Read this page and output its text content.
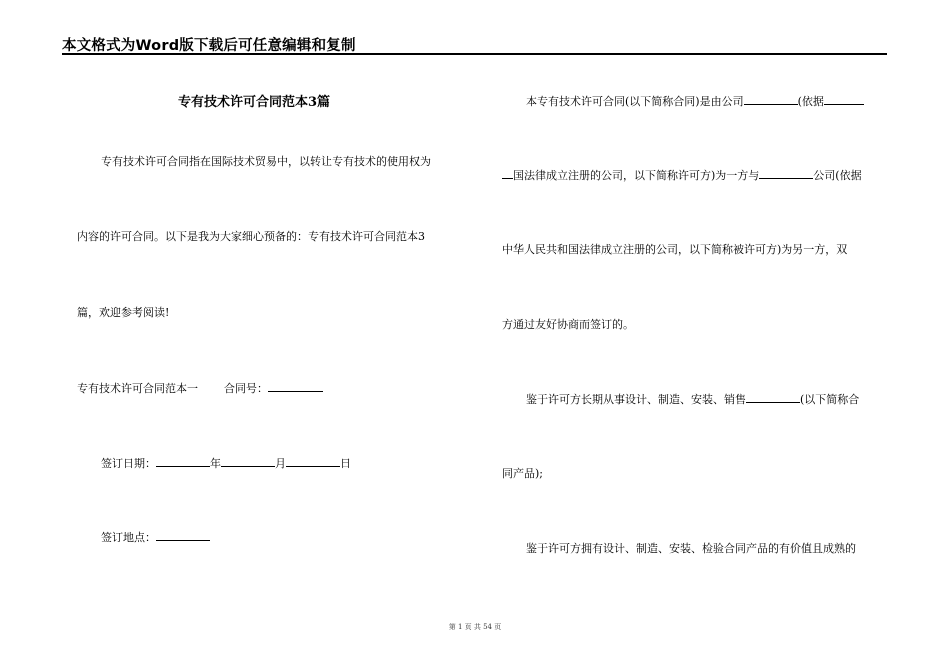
本文格式为Word版下载后可任意编辑和复制
专有技术许可合同范本3篇
专有技术许可合同指在国际技术贸易中，以转让专有技术的使用权为
内容的许可合同。以下是我为大家细心预备的：专有技术许可合同范本3
篇，欢迎参考阅读!
专有技术许可合同范本一 合同号：
签订日期：	年	月	日
签订地点：
本专有技术许可合同(以下简称合同)是由公司	(依据
国法律成立注册的公司，以下简称许可方)为一方与	公司(依据
中华人民共和国法律成立注册的公司，以下简称被许可方)为另一方，双
方通过友好协商而签订的。
鉴于许可方长期从事设计、制造、安装、销售	(以下简称合
同产品);
鉴于许可方拥有设计、制造、安装、检验合同产品的有价值且成熟的
第 1 页 共 54 页
